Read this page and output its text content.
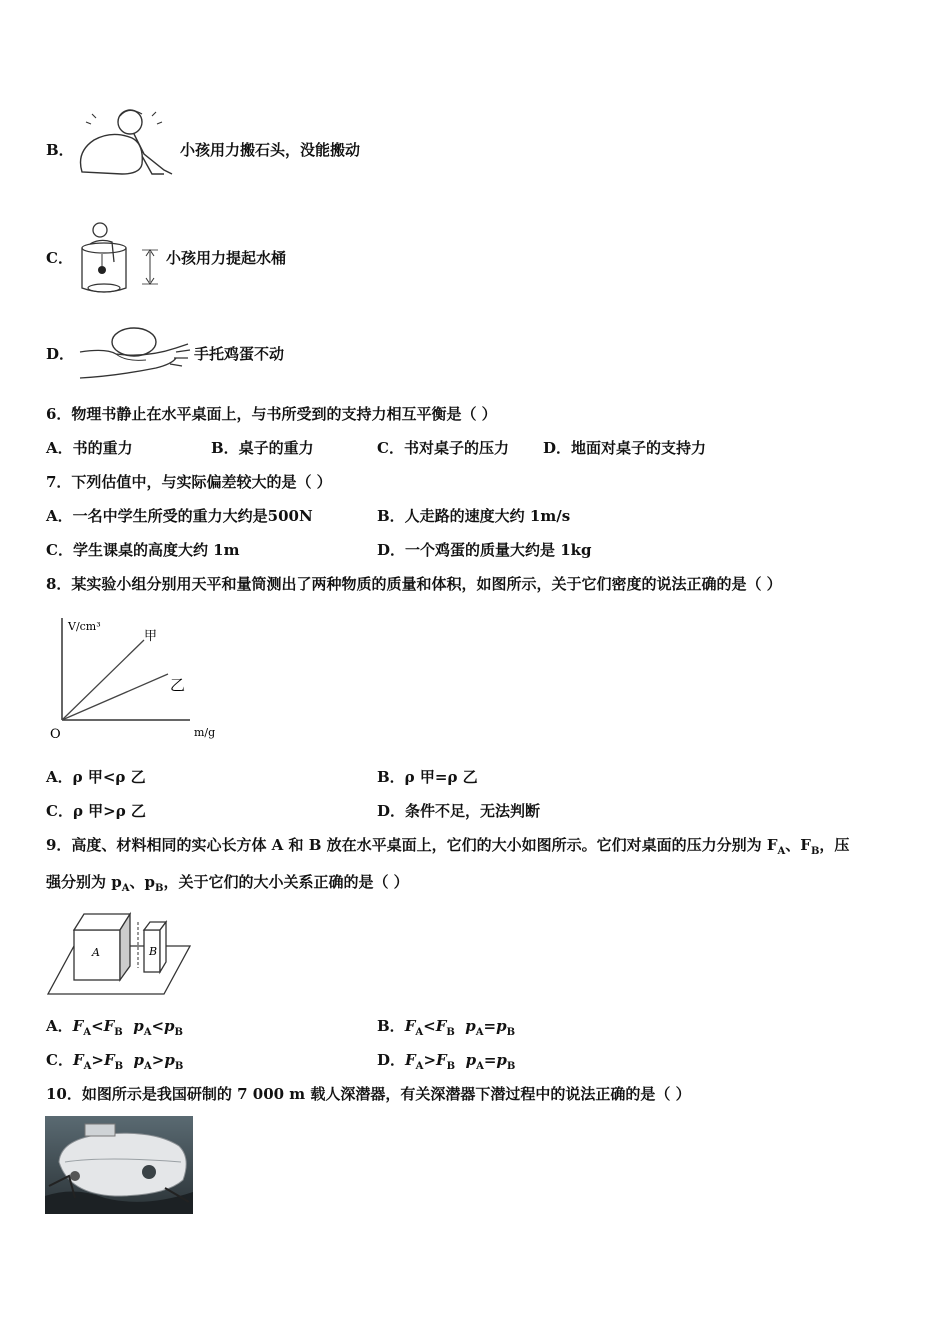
B．	小孩用力搬石头，没能搬动
C．	小孩用力提起水桶
D．	手托鸡蛋不动
6．物理书静止在水平桌面上，与书所受到的支持力相互平衡是（ ）
A．书的重力	B．桌子的重力	C．书对桌子的压力 D．地面对桌子的支持力
7．下列估值中，与实际偏差较大的是（ ）
A．一名中学生所受的重力大约是500N	B．人走路的速度大约 1m/s
C．学生课桌的高度大约 1m	D．一个鸡蛋的质量大约是 1kg
8．某实验小组分别用天平和量筒测出了两种物质的质量和体积，如图所示，关于它们密度的说法正确的是（ ）
V/cm³
m/g
O
甲
乙
A．ρ 甲<ρ 乙	B．ρ 甲=ρ 乙
C．ρ 甲>ρ 乙	D．条件不足，无法判断
9．高度、材料相同的实心长方体 A 和 B 放在水平桌面上，它们的大小如图所示。它们对桌面的压力分别为 $F_A$、$F_B$，压
强分别为 $p_A$、$p_B$，关于它们的大小关系正确的是（ ）
A	B
A．$F_A<F_B$ $p_A<p_B$	B．$F_A<F_B$ $p_A=p_B$
C．$F_A>F_B$ $p_A>p_B$	D．$F_A>F_B$ $p_A=p_B$
10．如图所示是我国研制的 7 000 m 载人深潜器，有关深潜器下潜过程中的说法正确的是（ ）
